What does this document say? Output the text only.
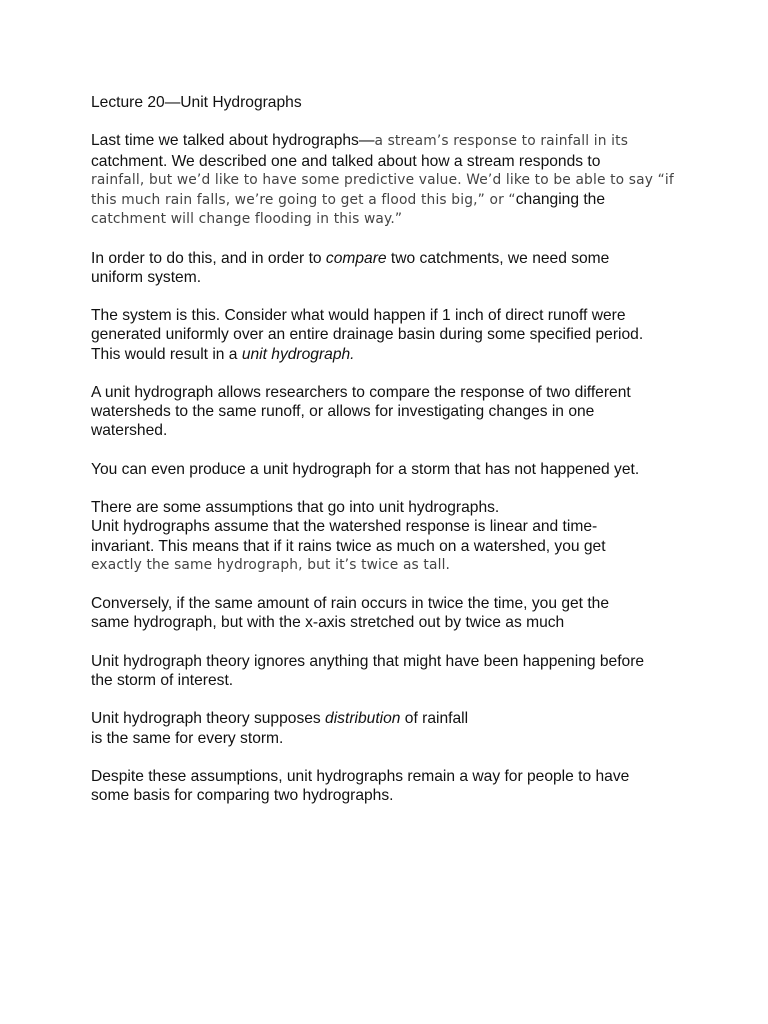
Lecture 20—Unit Hydrographs
Last time we talked about hydrographs—a stream’s response to rainfall in its
catchment. We described one and talked about how a stream responds to
rainfall, but we’d like to have some predictive value. We’d like to be able to say “if
this much rain falls, we’re going to get a flood this big,” or “changing the
catchment will change flooding in this way.”
In order to do this, and in order to compare two catchments, we need some
uniform system.
The system is this. Consider what would happen if 1 inch of direct runoff were
generated uniformly over an entire drainage basin during some specified period.
This would result in a unit hydrograph.
A unit hydrograph allows researchers to compare the response of two different
watersheds to the same runoff, or allows for investigating changes in one
watershed.
You can even produce a unit hydrograph for a storm that has not happened yet.
There are some assumptions that go into unit hydrographs.
Unit hydrographs assume that the watershed response is linear and time-
invariant. This means that if it rains twice as much on a watershed, you get
exactly the same hydrograph, but it’s twice as tall.
Conversely, if the same amount of rain occurs in twice the time, you get the
same hydrograph, but with the x-axis stretched out by twice as much
Unit hydrograph theory ignores anything that might have been happening before
the storm of interest.
Unit hydrograph theory supposes distribution of rainfall
is the same for every storm.
Despite these assumptions, unit hydrographs remain a way for people to have
some basis for comparing two hydrographs.
